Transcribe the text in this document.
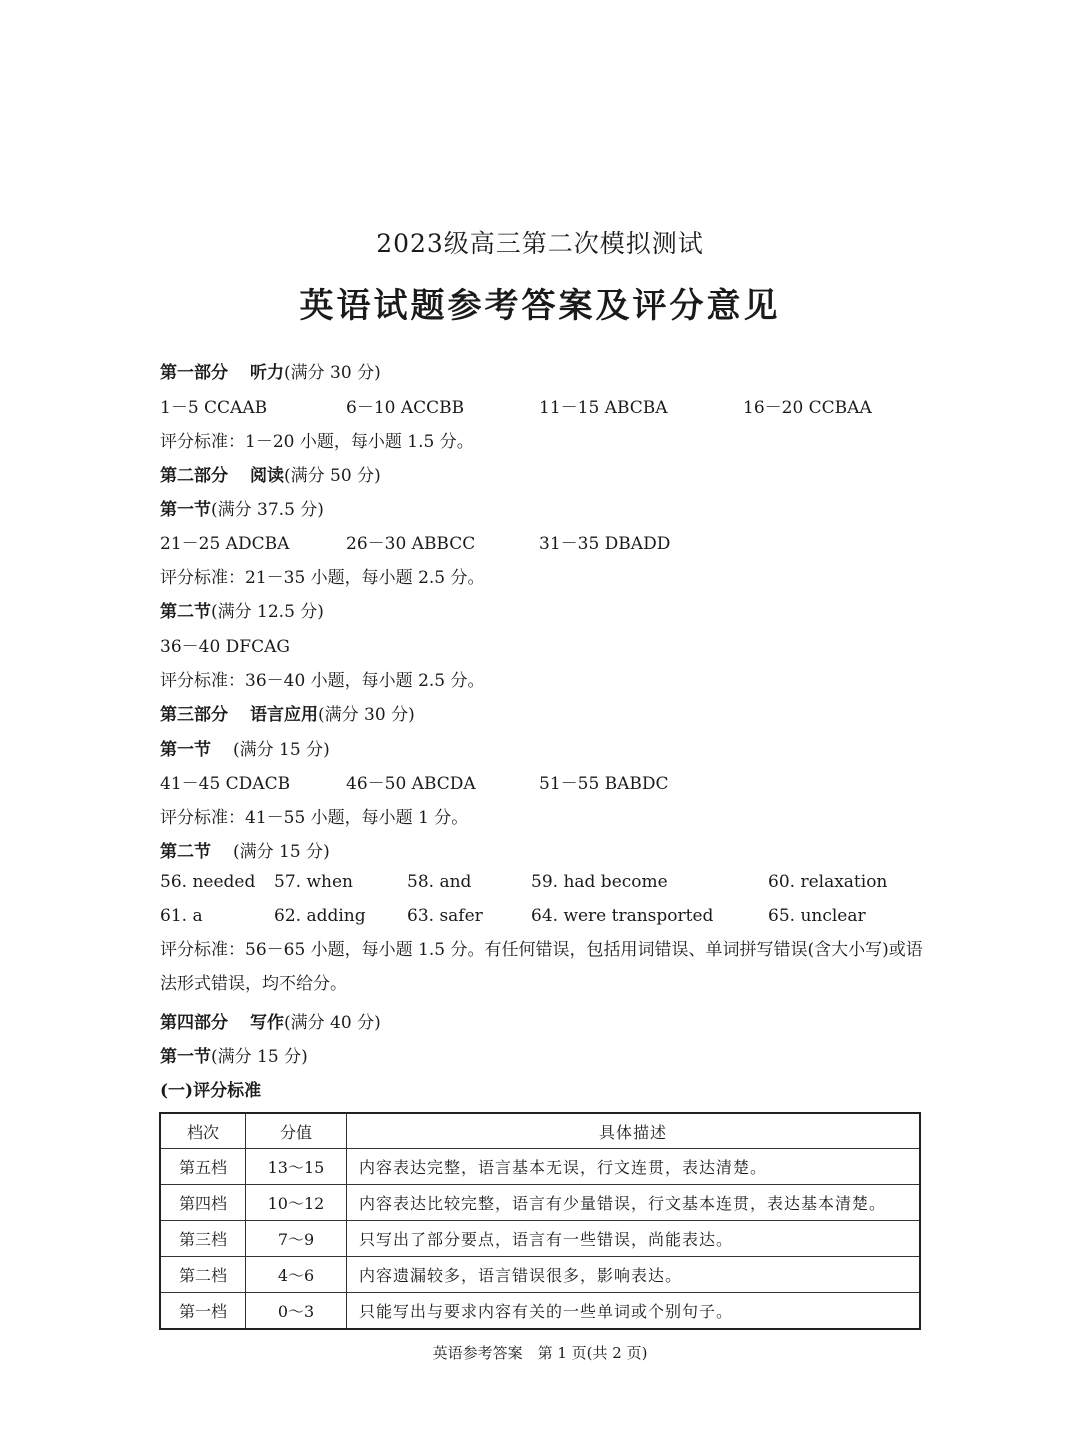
2023级高三第二次模拟测试
英语试题参考答案及评分意见
第一部分 听力(满分 30 分)
1－5 CCAAB	6－10 ACCBB	11－15 ABCBA	16－20 CCBAA
评分标准：1－20 小题，每小题 1.5 分。
第二部分 阅读(满分 50 分)
第一节(满分 37.5 分)
21－25 ADCBA	26－30 ABBCC	31－35 DBADD
评分标准：21－35 小题，每小题 2.5 分。
第二节(满分 12.5 分)
36－40 DFCAG
评分标准：36－40 小题，每小题 2.5 分。
第三部分 语言应用(满分 30 分)
第一节 (满分 15 分)
41－45 CDACB	46－50 ABCDA	51－55 BABDC
评分标准：41－55 小题，每小题 1 分。
第二节 (满分 15 分)
56. needed 57. when	58. and	59. had become	60. relaxation
61. a	62. adding 63. safer	64. were transported	65. unclear
评分标准：56－65 小题，每小题 1.5 分。有任何错误，包括用词错误、单词拼写错误(含大小写)或语法形式错误，均不给分。
第四部分 写作(满分 40 分)
第一节(满分 15 分)
(一)评分标准
档次	分值	具体描述
第五档	13～15	内容表达完整，语言基本无误，行文连贯，表达清楚。
第四档	10～12	内容表达比较完整，语言有少量错误，行文基本连贯，表达基本清楚。
第三档	7～9	只写出了部分要点，语言有一些错误，尚能表达。
第二档	4～6	内容遗漏较多，语言错误很多，影响表达。
第一档	0～3	只能写出与要求内容有关的一些单词或个别句子。
英语参考答案　第 1 页(共 2 页)
